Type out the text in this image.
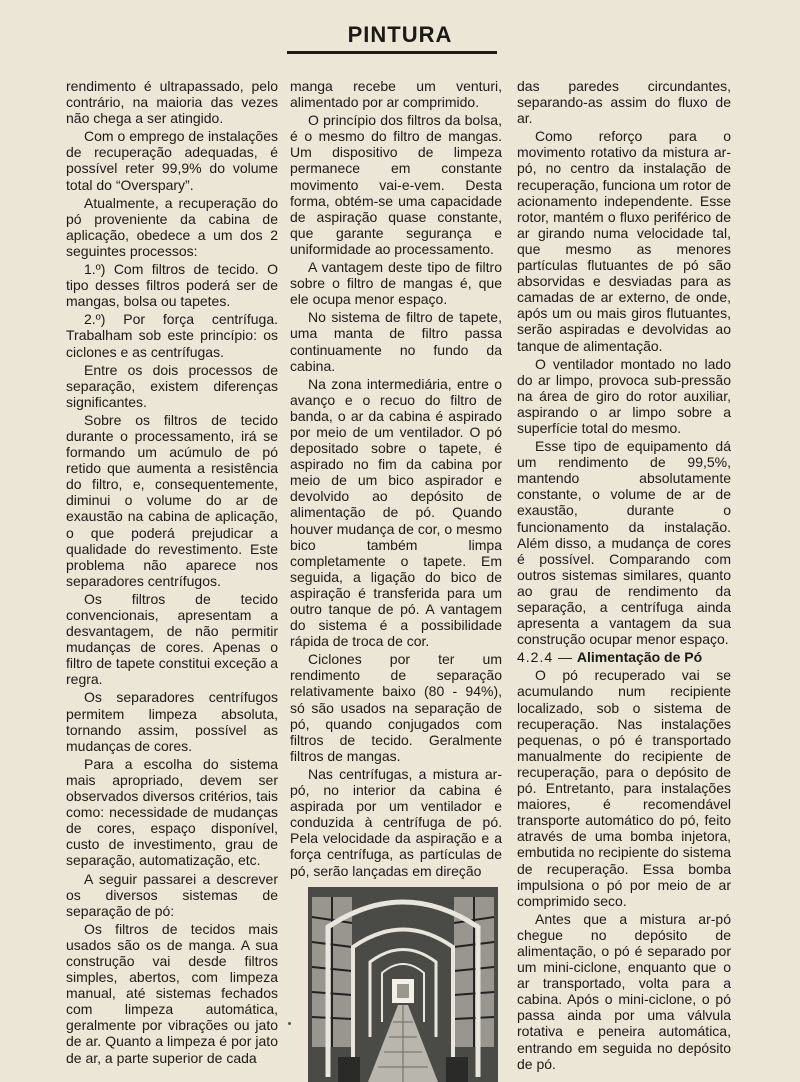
PINTURA

rendimento é ultrapassado, pelo contrário, na maioria das vezes não chega a ser atingido.

Com o emprego de instalações de recuperação adequadas, é possível reter 99,9% do volume total do “Overspary”.

Atualmente, a recuperação do pó proveniente da cabina de aplicação, obedece a um dos 2 seguintes processos:

1.º) Com filtros de tecido. O tipo desses filtros poderá ser de mangas, bolsa ou tapetes.

2.º) Por força centrífuga. Trabalham sob este princípio: os ciclones e as centrífugas.

Entre os dois processos de separação, existem diferenças significantes.

Sobre os filtros de tecido durante o processamento, irá se formando um acúmulo de pó retido que aumenta a resistência do filtro, e, consequentemente, diminui o volume do ar de exaustão na cabina de aplicação, o que poderá prejudicar a qualidade do revestimento. Este problema não aparece nos separadores centrífugos.

Os filtros de tecido convencionais, apresentam a desvantagem, de não permitir mudanças de cores. Apenas o filtro de tapete constitui exceção a regra.

Os separadores centrífugos permitem limpeza absoluta, tornando assim, possível as mudanças de cores.

Para a escolha do sistema mais apropriado, devem ser observados diversos critérios, tais como: necessidade de mudanças de cores, espaço disponível, custo de investimento, grau de separação, automatização, etc.

A seguir passarei a descrever os diversos sistemas de separação de pó:

Os filtros de tecidos mais usados são os de manga. A sua construção vai desde filtros simples, abertos, com limpeza manual, até sistemas fechados com limpeza automática, geralmente por vibrações ou jato de ar. Quanto a limpeza é por jato de ar, a parte superior de cada

manga recebe um venturi, alimentado por ar comprimido.

O princípio dos filtros da bolsa, é o mesmo do filtro de mangas. Um dispositivo de limpeza permanece em constante movimento vai-e-vem. Desta forma, obtém-se uma capacidade de aspiração quase constante, que garante segurança e uniformidade ao processamento.

A vantagem deste tipo de filtro sobre o filtro de mangas é, que ele ocupa menor espaço.

No sistema de filtro de tapete, uma manta de filtro passa continuamente no fundo da cabina.

Na zona intermediária, entre o avanço e o recuo do filtro de banda, o ar da cabina é aspirado por meio de um ventilador. O pó depositado sobre o tapete, é aspirado no fim da cabina por meio de um bico aspirador e devolvido ao depósito de alimentação de pó. Quando houver mudança de cor, o mesmo bico também limpa completamente o tapete. Em seguida, a ligação do bico de aspiração é transferida para um outro tanque de pó. A vantagem do sistema é a possibilidade rápida de troca de cor.

Ciclones por ter um rendimento de separação relativamente baixo (80 - 94%), só são usados na separação de pó, quando conjugados com filtros de tecido. Geralmente filtros de mangas.

Nas centrífugas, a mistura ar-pó, no interior da cabina é aspirada por um ventilador e conduzida à centrífuga de pó. Pela velocidade da aspiração e a força centrífuga, as partículas de pó, serão lançadas em direção

das paredes circundantes, separando-as assim do fluxo de ar.

Como reforço para o movimento rotativo da mistura ar-pó, no centro da instalação de recuperação, funciona um rotor de acionamento independente. Esse rotor, mantém o fluxo periférico de ar girando numa velocidade tal, que mesmo as menores partículas flutuantes de pó são absorvidas e desviadas para as camadas de ar externo, de onde, após um ou mais giros flutuantes, serão aspiradas e devolvidas ao tanque de alimentação.

O ventilador montado no lado do ar limpo, provoca sub-pressão na área de giro do rotor auxiliar, aspirando o ar limpo sobre a superfície total do mesmo.

Esse tipo de equipamento dá um rendimento de 99,5%, mantendo absolutamente constante, o volume de ar de exaustão, durante o funcionamento da instalação. Além disso, a mudança de cores é possível. Comparando com outros sistemas similares, quanto ao grau de rendimento da separação, a centrífuga ainda apresenta a vantagem da sua construção ocupar menor espaço.

4.2.4 — Alimentação de Pó

O pó recuperado vai se acumulando num recipiente localizado, sob o sistema de recuperação. Nas instalações pequenas, o pó é transportado manualmente do recipiente de recuperação, para o depósito de pó. Entretanto, para instalações maiores, é recomendável transporte automático do pó, feito através de uma bomba injetora, embutida no recipiente do sistema de recuperação. Essa bomba impulsiona o pó por meio de ar comprimido seco.

Antes que a mistura ar-pó chegue no depósito de alimentação, o pó é separado por um mini-ciclone, enquanto que o ar transportado, volta para a cabina. Após o mini-ciclone, o pó passa ainda por uma válvula rotativa e peneira automática, entrando em seguida no depósito de pó.
